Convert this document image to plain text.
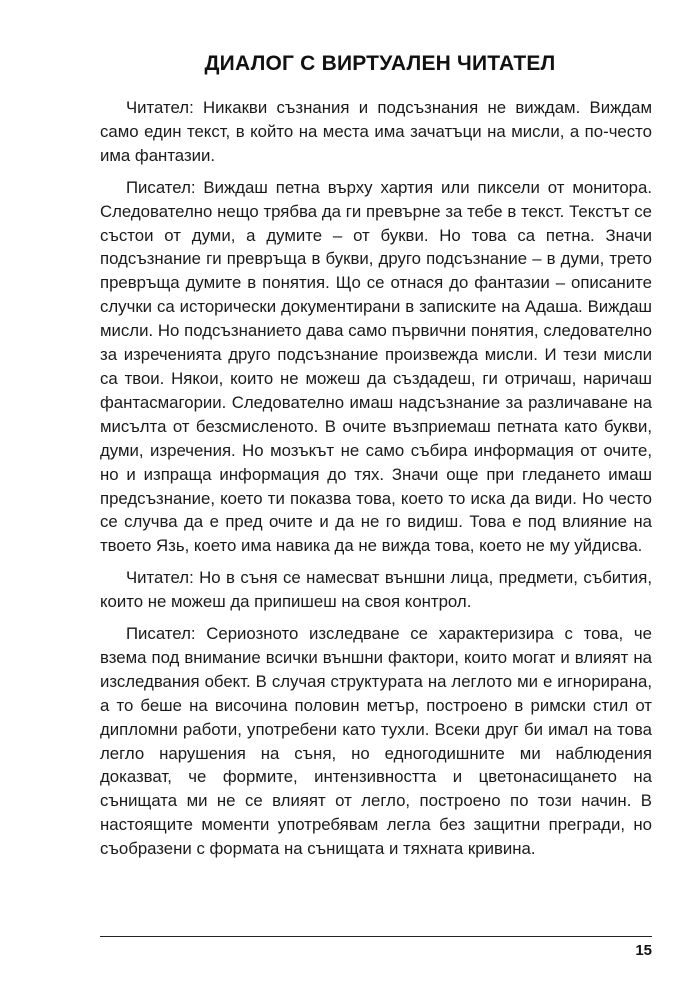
ДИАЛОГ С ВИРТУАЛЕН ЧИТАТЕЛ

Читател: Никакви съзнания и подсъзнания не виждам. Виждам само един текст, в който на места има зачатъци на мисли, а по-често има фантазии.

Писател: Виждаш петна върху хартия или пиксели от монитора. Следователно нещо трябва да ги превърне за тебе в текст. Текстът се състои от думи, а думите – от букви. Но това са петна. Значи подсъзнание ги превръща в букви, друго подсъзнание – в думи, трето превръща думите в понятия. Що се отнася до фантазии – описаните случки са исторически документирани в записките на Адаша. Виждаш мисли. Но подсъзнанието дава само първични понятия, следователно за изреченията друго подсъзнание произвежда мисли. И тези мисли са твои. Някои, които не можеш да създадеш, ги отричаш, наричаш фантасмагории. Следователно имаш надсъзнание за различаване на мисълта от безсмисленото. В очите възприемаш петната като букви, думи, изречения. Но мозъкът не само събира информация от очите, но и изпраща информация до тях. Значи още при гледането имаш предсъзнание, което ти показва това, което то иска да види. Но често се случва да е пред очите и да не го видиш. Това е под влияние на твоето Язь, което има навика да не вижда това, което не му уйдисва.

Читател: Но в съня се намесват външни лица, предмети, събития, които не можеш да припишеш на своя контрол.

Писател: Сериозното изследване се характеризира с това, че взема под внимание всички външни фактори, които могат и влияят на изследвания обект. В случая структурата на леглото ми е игнорирана, а то беше на височина половин метър, построено в римски стил от дипломни работи, употребени като тухли. Всеки друг би имал на това легло нарушения на съня, но едногодишните ми наблюдения доказват, че формите, интензивността и цветонасищането на сънищата ми не се влияят от легло, построено по този начин. В настоящите моменти употребявам легла без защитни прегради, но съобразени с формата на сънищата и тяхната кривина.

15
